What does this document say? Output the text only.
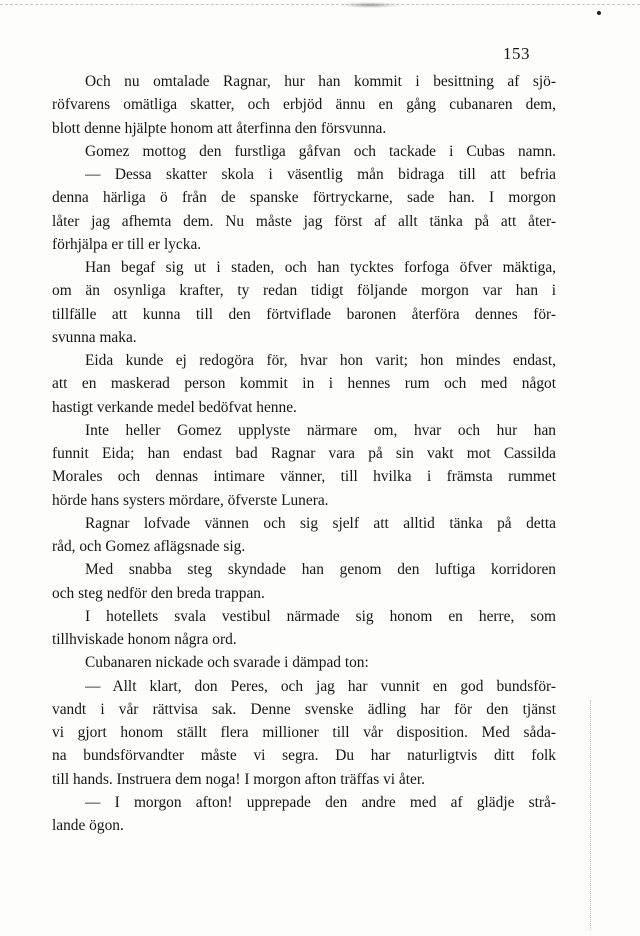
153
Och nu omtalade Ragnar, hur han kommit i besittning af sjö-
röfvarens omätliga skatter, och erbjöd ännu en gång cubanaren dem,
blott denne hjälpte honom att återfinna den försvunna.
Gomez mottog den furstliga gåfvan och tackade i Cubas namn.
— Dessa skatter skola i väsentlig mån bidraga till att befria
denna härliga ö från de spanske förtryckarne, sade han. I morgon
låter jag afhemta dem. Nu måste jag först af allt tänka på att åter-
förhjälpa er till er lycka.
Han begaf sig ut i staden, och han tycktes forfoga öfver mäktiga,
om än osynliga krafter, ty redan tidigt följande morgon var han i
tillfälle att kunna till den förtviflade baronen återföra dennes för-
svunna maka.
Eida kunde ej redogöra för, hvar hon varit; hon mindes endast,
att en maskerad person kommit in i hennes rum och med något
hastigt verkande medel bedöfvat henne.
Inte heller Gomez upplyste närmare om, hvar och hur han
funnit Eida; han endast bad Ragnar vara på sin vakt mot Cassilda
Morales och dennas intimare vänner, till hvilka i främsta rummet
hörde hans systers mördare, öfverste Lunera.
Ragnar lofvade vännen och sig sjelf att alltid tänka på detta
råd, och Gomez aflägsnade sig.
Med snabba steg skyndade han genom den luftiga korridoren
och steg nedför den breda trappan.
I hotellets svala vestibul närmade sig honom en herre, som
tillhviskade honom några ord.
Cubanaren nickade och svarade i dämpad ton:
— Allt klart, don Peres, och jag har vunnit en god bundsför-
vandt i vår rättvisa sak. Denne svenske ädling har för den tjänst
vi gjort honom ställt flera millioner till vår disposition. Med såda-
na bundsförvandter måste vi segra. Du har naturligtvis ditt folk
till hands. Instruera dem noga! I morgon afton träffas vi åter.
— I morgon afton! upprepade den andre med af glädje strå-
lande ögon.
